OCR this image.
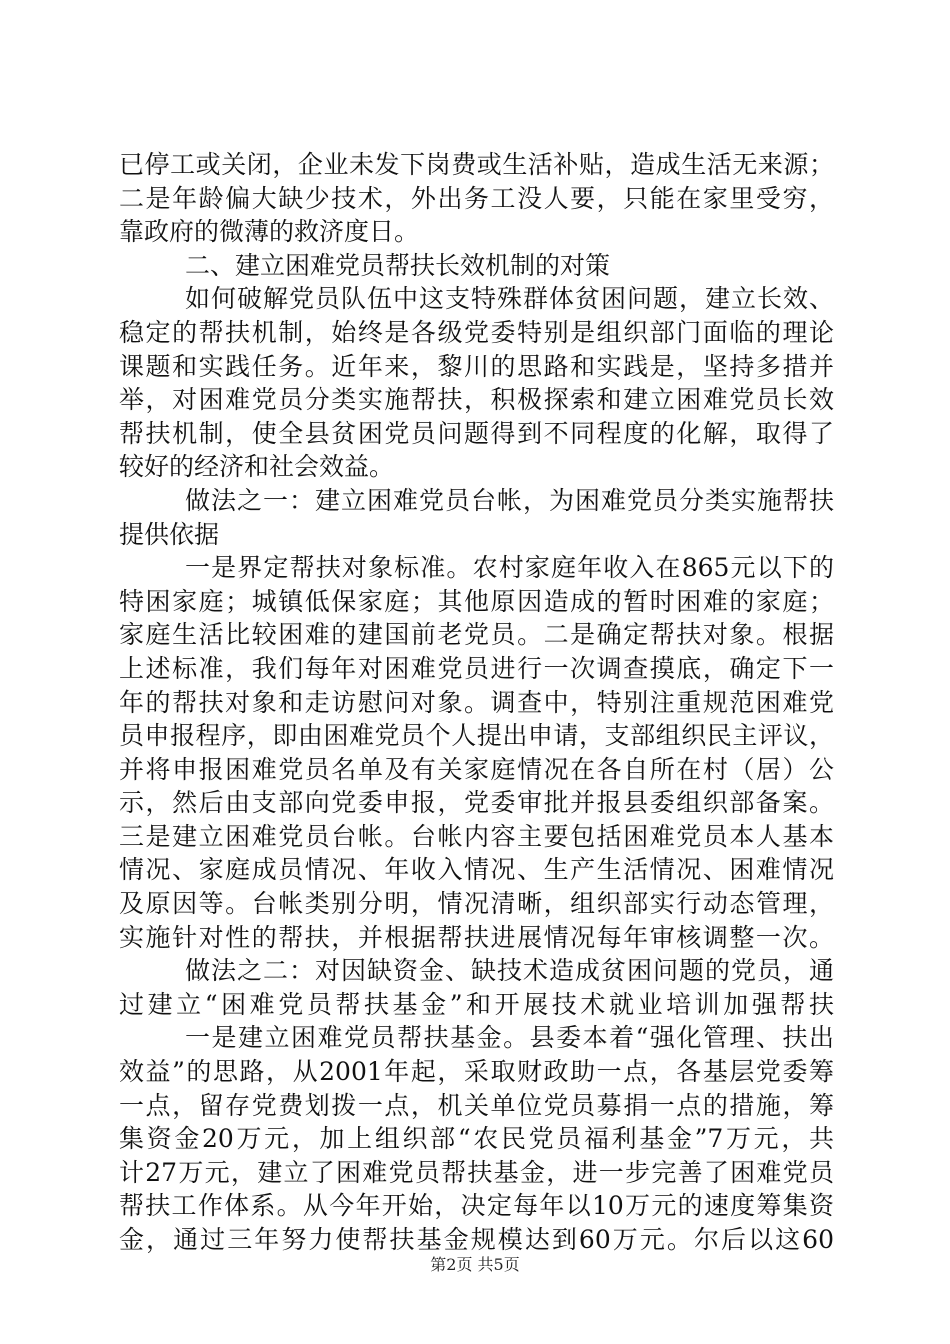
已停工或关闭，企业未发下岗费或生活补贴，造成生活无来源；
二是年龄偏大缺少技术，外出务工没人要，只能在家里受穷，
靠政府的微薄的救济度日。
二、建立困难党员帮扶长效机制的对策
如何破解党员队伍中这支特殊群体贫困问题，建立长效、
稳定的帮扶机制，始终是各级党委特别是组织部门面临的理论
课题和实践任务。近年来，黎川的思路和实践是，坚持多措并
举，对困难党员分类实施帮扶，积极探索和建立困难党员长效
帮扶机制，使全县贫困党员问题得到不同程度的化解，取得了
较好的经济和社会效益。
做法之一：建立困难党员台帐，为困难党员分类实施帮扶
提供依据
一是界定帮扶对象标准。农村家庭年收入在865元以下的
特困家庭；城镇低保家庭；其他原因造成的暂时困难的家庭；
家庭生活比较困难的建国前老党员。二是确定帮扶对象。根据
上述标准，我们每年对困难党员进行一次调查摸底，确定下一
年的帮扶对象和走访慰问对象。调查中，特别注重规范困难党
员申报程序，即由困难党员个人提出申请，支部组织民主评议，
并将申报困难党员名单及有关家庭情况在各自所在村（居）公
示，然后由支部向党委申报，党委审批并报县委组织部备案。
三是建立困难党员台帐。台帐内容主要包括困难党员本人基本
情况、家庭成员情况、年收入情况、生产生活情况、困难情况
及原因等。台帐类别分明，情况清晰，组织部实行动态管理，
实施针对性的帮扶，并根据帮扶进展情况每年审核调整一次。
做法之二：对因缺资金、缺技术造成贫困问题的党员，通
过建立“困难党员帮扶基金”和开展技术就业培训加强帮扶
一是建立困难党员帮扶基金。县委本着“强化管理、扶出
效益”的思路，从2001年起，采取财政助一点，各基层党委筹
一点，留存党费划拨一点，机关单位党员募捐一点的措施，筹
集资金20万元，加上组织部“农民党员福利基金”7万元，共
计27万元，建立了困难党员帮扶基金，进一步完善了困难党员
帮扶工作体系。从今年开始，决定每年以10万元的速度筹集资
金，通过三年努力使帮扶基金规模达到60万元。尔后以这60
第2页 共5页
